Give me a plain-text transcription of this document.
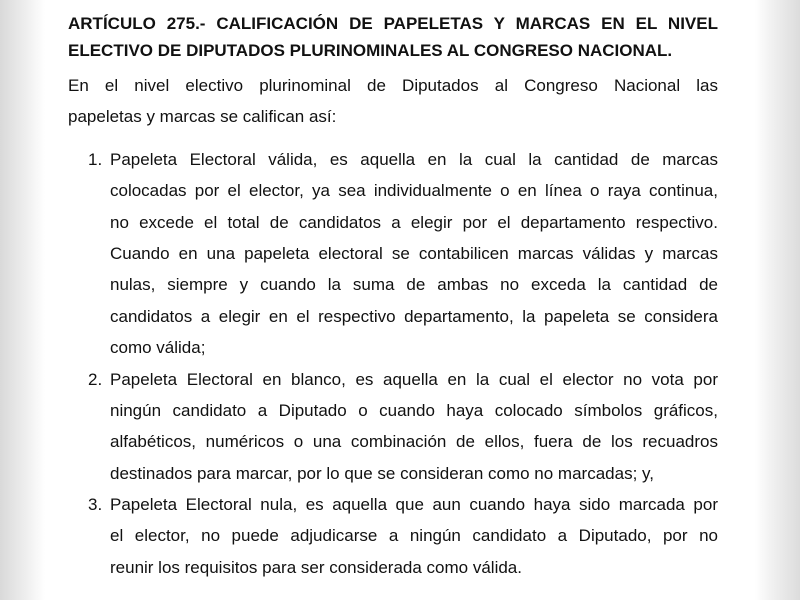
ARTÍCULO 275.- CALIFICACIÓN DE PAPELETAS Y MARCAS EN EL NIVEL
ELECTIVO DE DIPUTADOS PLURINOMINALES AL CONGRESO NACIONAL.
En el nivel electivo plurinominal de Diputados al Congreso Nacional las
papeletas y marcas se califican así:
1. Papeleta Electoral válida, es aquella en la cual la cantidad de marcas
colocadas por el elector, ya sea individualmente o en línea o raya continua,
no excede el total de candidatos a elegir por el departamento respectivo.
Cuando en una papeleta electoral se contabilicen marcas válidas y marcas
nulas, siempre y cuando la suma de ambas no exceda la cantidad de
candidatos a elegir en el respectivo departamento, la papeleta se considera
como válida;
2. Papeleta Electoral en blanco, es aquella en la cual el elector no vota por
ningún candidato a Diputado o cuando haya colocado símbolos gráficos,
alfabéticos, numéricos o una combinación de ellos, fuera de los recuadros
destinados para marcar, por lo que se consideran como no marcadas; y,
3. Papeleta Electoral nula, es aquella que aun cuando haya sido marcada por
el elector, no puede adjudicarse a ningún candidato a Diputado, por no
reunir los requisitos para ser considerada como válida.
